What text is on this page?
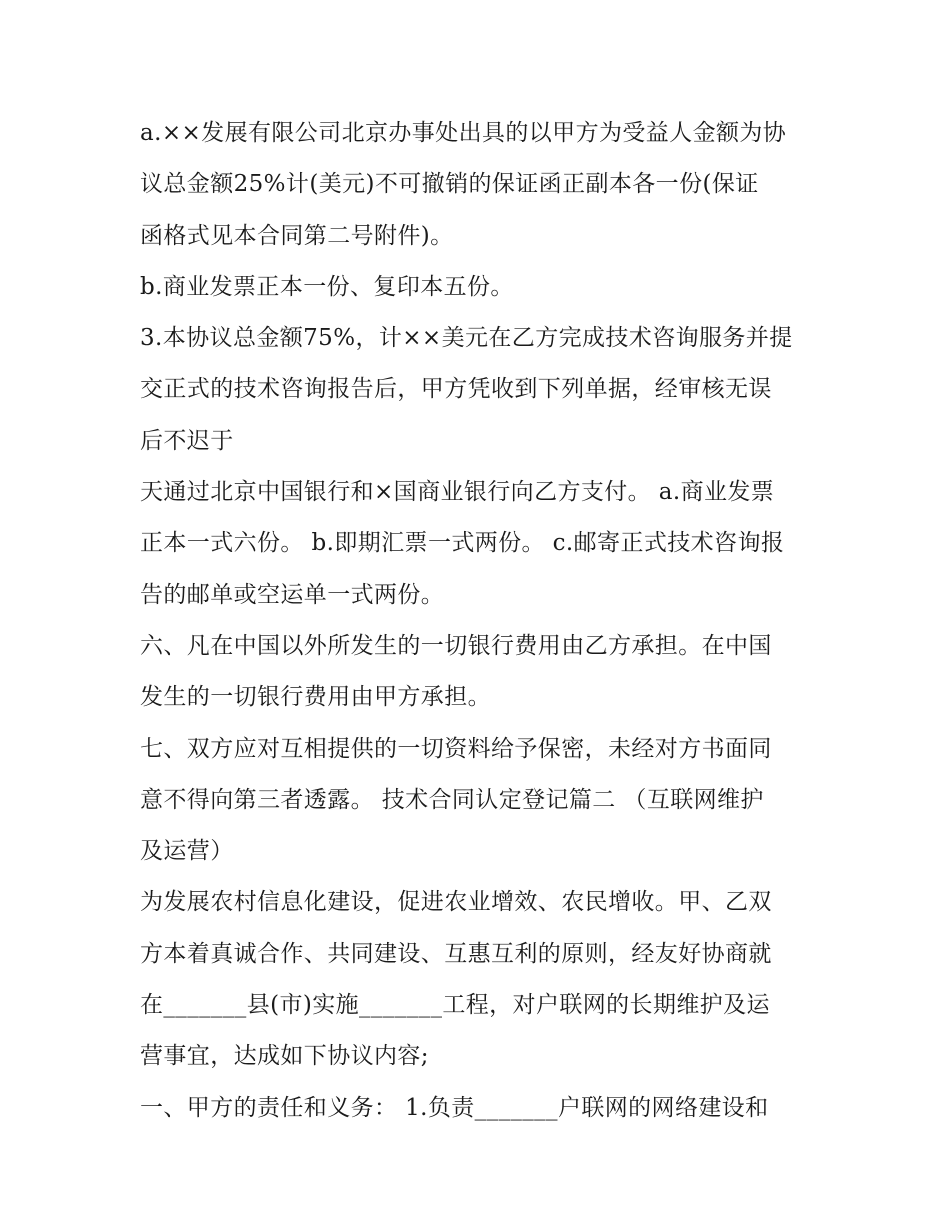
a.××发展有限公司北京办事处出具的以甲方为受益人金额为协
议总金额25%计(美元)不可撤销的保证函正副本各一份(保证
函格式见本合同第二号附件)。
b.商业发票正本一份、复印本五份。
3.本协议总金额75%，计××美元在乙方完成技术咨询服务并提
交正式的技术咨询报告后，甲方凭收到下列单据，经审核无误
后不迟于
天通过北京中国银行和×国商业银行向乙方支付。 a.商业发票
正本一式六份。 b.即期汇票一式两份。 c.邮寄正式技术咨询报
告的邮单或空运单一式两份。
六、凡在中国以外所发生的一切银行费用由乙方承担。在中国
发生的一切银行费用由甲方承担。
七、双方应对互相提供的一切资料给予保密，未经对方书面同
意不得向第三者透露。 技术合同认定登记篇二 （互联网维护
及运营）
为发展农村信息化建设，促进农业增效、农民增收。甲、乙双
方本着真诚合作、共同建设、互惠互利的原则，经友好协商就
在_______县(市)实施_______工程，对户联网的长期维护及运
营事宜，达成如下协议内容;
一、甲方的责任和义务： 1.负责_______户联网的网络建设和
